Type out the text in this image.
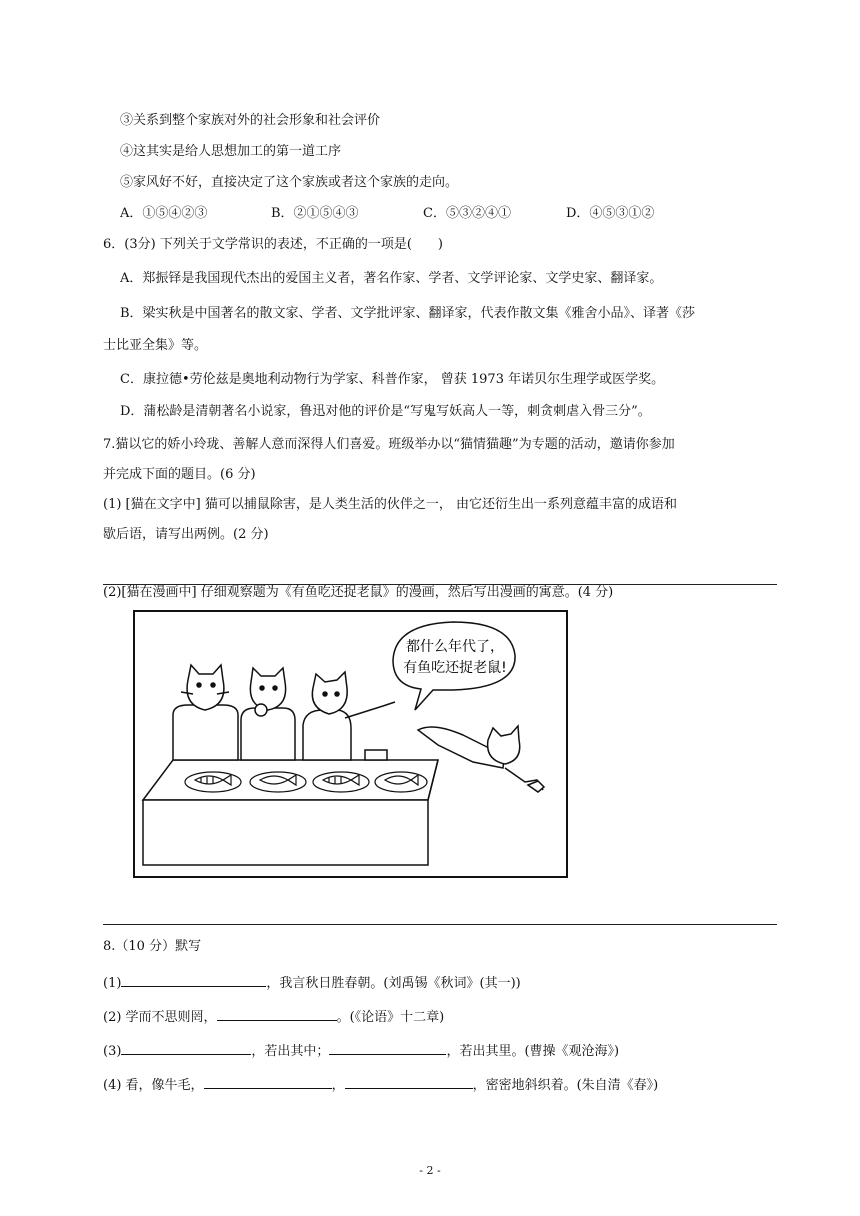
③关系到整个家族对外的社会形象和社会评价
④这其实是给人思想加工的第一道工序
⑤家风好不好，直接决定了这个家族或者这个家族的走向。
A．①⑤④②③	B．②①⑤④③	C．⑤③②④①	D．④⑤③①②
6．(3分) 下列关于文学常识的表述，不正确的一项是(　　)
A．郑振铎是我国现代杰出的爱国主义者，著名作家、学者、文学评论家、文学史家、翻译家。
B．梁实秋是中国著名的散文家、学者、文学批评家、翻译家，代表作散文集《雅舍小品》、译著《莎
士比亚全集》等。
C．康拉德•劳伦兹是奥地利动物行为学家、科普作家， 曾获 1973 年诺贝尔生理学或医学奖。
D．蒲松龄是清朝著名小说家，鲁迅对他的评价是“写鬼写妖高人一等，刺贪刺虐入骨三分”。
7.猫以它的娇小玲珑、善解人意而深得人们喜爱。班级举办以“猫情猫趣”为专题的活动，邀请你参加
并完成下面的题目。(6 分)
(1) [猫在文字中] 猫可以捕鼠除害，是人类生活的伙伴之一， 由它还衍生出一系列意蕴丰富的成语和
歇后语，请写出两例。(2 分)
(2)[猫在漫画中] 仔细观察题为《有鱼吃还捉老鼠》的漫画，然后写出漫画的寓意。(4 分)
都什么年代了，
有鱼吃还捉老鼠!
8.（10 分）默写
(1)	，我言秋日胜春朝。(刘禹锡《秋词》(其一))
(2) 学而不思则罔，	。(《论语》十二章)
(3)	，若出其中；	，若出其里。(曹操《观沧海》)
(4) 看，像牛毛，	，	，密密地斜织着。(朱自清《春》)
- 2 -
